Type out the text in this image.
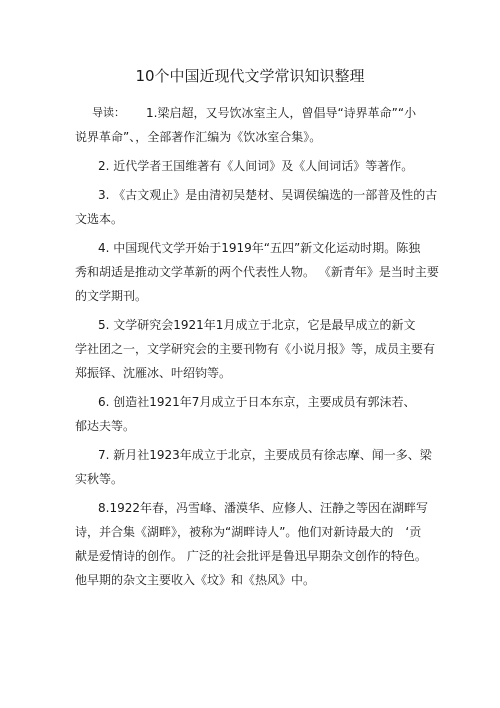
10个中国近现代文学常识知识整理
导读： 1.梁启超，又号饮冰室主人，曾倡导“诗界革命”“小

说界革命”、，全部著作汇编为《饮冰室合集》。

2. 近代学者王国维著有《人间词》及《人间词话》等著作。

3. 《古文观止》是由清初吴楚材、吴调侯编选的一部普及性的古

文选本。

4. 中国现代文学开始于1919年“五四”新文化运动时期。陈独

秀和胡适是推动文学革新的两个代表性人物。 《新青年》是当时主要

的文学期刊。

5. 文学研究会1921年1月成立于北京，它是最早成立的新文

学社团之一，文学研究会的主要刊物有《小说月报》等，成员主要有

郑振铎、沈雁冰、叶绍钧等。

6. 创造社1921年7月成立于日本东京，主要成员有郭沫若、

郁达夫等。

7. 新月社1923年成立于北京，主要成员有徐志摩、闻一多、梁

实秋等。

8.1922年春，冯雪峰、潘漠华、应修人、汪静之等因在湖畔写

诗，并合集《湖畔》，被称为“湖畔诗人”。他们对新诗最大的　‘贡

献是爱情诗的创作。 广泛的社会批评是鲁迅早期杂文创作的特色。

他早期的杂文主要收入《坟》和《热风》中。
